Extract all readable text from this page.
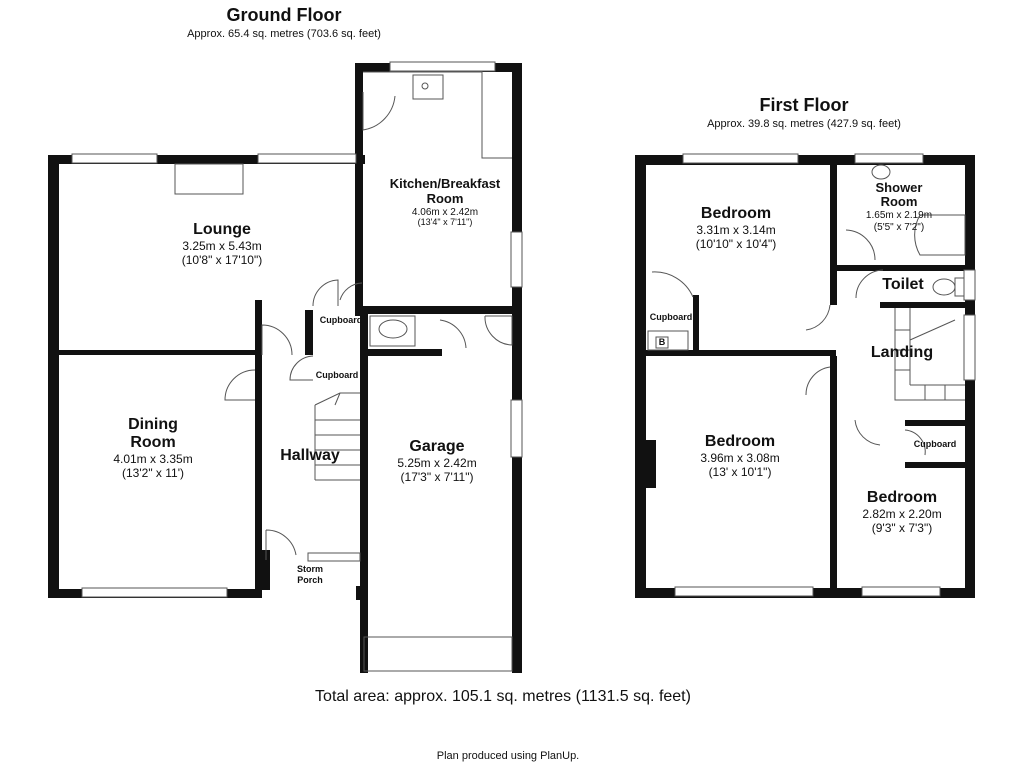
Ground Floor
Approx. 65.4 sq. metres (703.6 sq. feet)
Lounge
3.25m x 5.43m
(10'8" x 17'10")
Kitchen/Breakfast
Room
4.06m x 2.42m
(13'4" x 7'11")
Dining
Room
4.01m x 3.35m
(13'2" x 11')
Hallway
Garage
5.25m x 2.42m
(17'3" x 7'11")
Cupboard
Cupboard
Storm
Porch
First Floor
Approx. 39.8 sq. metres (427.9 sq. feet)
Bedroom
3.31m x 3.14m
(10'10" x 10'4")
Shower
Room
1.65m x 2.19m
(5'5" x 7'2")
Toilet
Landing
Cupboard
B
Cupboard
Bedroom
3.96m x 3.08m
(13' x 10'1")
Bedroom
2.82m x 2.20m
(9'3" x 7'3")
Total area: approx. 105.1 sq. metres (1131.5 sq. feet)
Plan produced using PlanUp.
